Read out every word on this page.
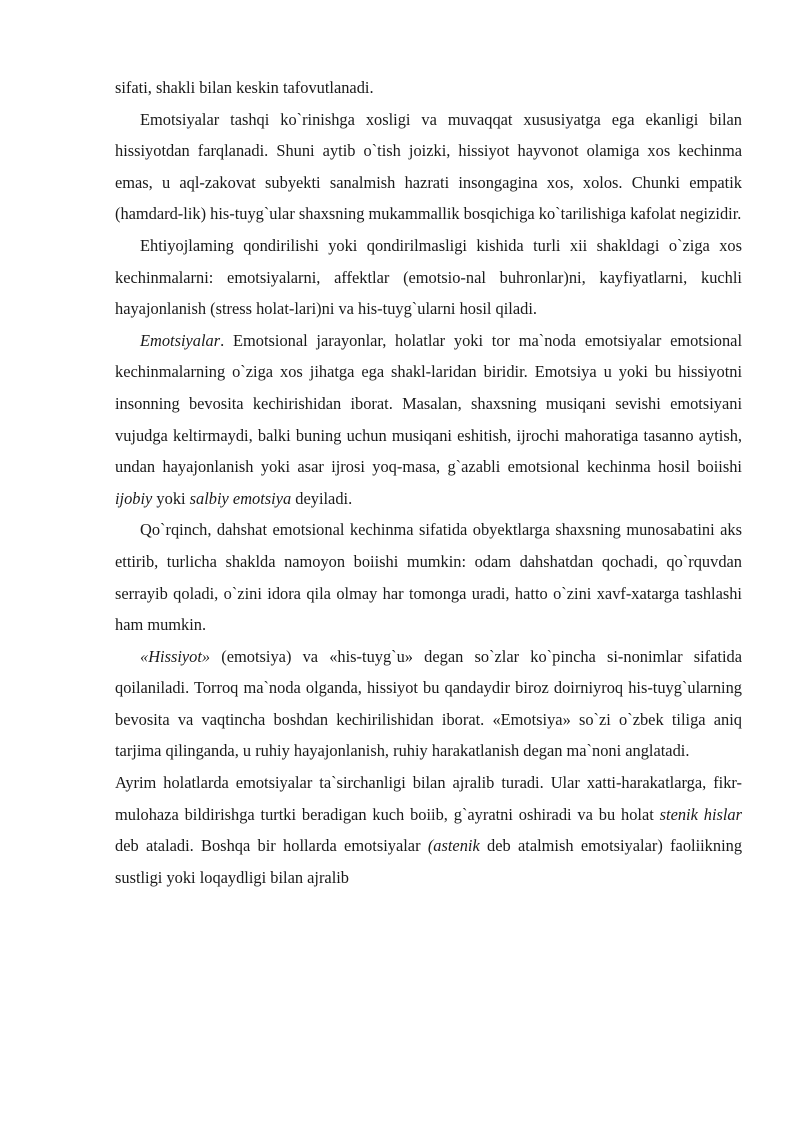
sifati, shakli bilan keskin tafovutlanadi.

Emotsiyalar tashqi ko`rinishga xosligi va muvaqqat xususiyatga ega ekanligi bilan hissiyotdan farqlanadi. Shuni aytib o`tish joizki, hissiyot hayvonot olamiga xos kechinma emas, u aql-zakovat subyekti sanalmish hazrati insongagina xos, xolos. Chunki empatik (hamdard-lik) his-tuyg`ular shaxsning mukammallik bosqichiga ko`tarilishiga kafolat negizidir.

Ehtiyojlaming qondirilishi yoki qondirilmasligi kishida turli xii shakldagi o`ziga xos kechinmalarni: emotsiyalarni, affektlar (emotsio-nal buhronlar)ni, kayfiyatlarni, kuchli hayajonlanish (stress holat-lari)ni va his-tuyg`ularni hosil qiladi.

Emotsiyalar. Emotsional jarayonlar, holatlar yoki tor ma`noda emotsiyalar emotsional kechinmalarning o`ziga xos jihatga ega shakl-laridan biridir. Emotsiya u yoki bu hissiyotni insonning bevosita kechirishidan iborat. Masalan, shaxsning musiqani sevishi emotsiyani vujudga keltirmaydi, balki buning uchun musiqani eshitish, ijrochi mahoratiga tasanno aytish, undan hayajonlanish yoki asar ijrosi yoq-masa, g`azabli emotsional kechinma hosil boiishi ijobiy yoki salbiy emotsiya deyiladi.

Qo`rqinch, dahshat emotsional kechinma sifatida obyektlarga shaxsning munosabatini aks ettirib, turlicha shaklda namoyon boiishi mumkin: odam dahshatdan qochadi, qo`rquvdan serrayib qoladi, o`zini idora qila olmay har tomonga uradi, hatto o`zini xavf-xatarga tashlashi ham mumkin.

«Hissiyot» (emotsiya) va «his-tuyg`u» degan so`zlar ko`pincha si-nonimlar sifatida qoilaniladi. Torroq ma`noda olganda, hissiyot bu qandaydir biroz doirniyroq his-tuyg`ularning bevosita va vaqtincha boshdan kechirilishidan iborat. «Emotsiya» so`zi o`zbek tiliga aniq tarjima qilinganda, u ruhiy hayajonlanish, ruhiy harakatlanish degan ma`noni anglatadi.

Ayrim holatlarda emotsiyalar ta`sirchanligi bilan ajralib turadi. Ular xatti-harakatlarga, fikr-mulohaza bildirishga turtki beradigan kuch boiib, g`ayratni oshiradi va bu holat stenik hislar deb ataladi. Boshqa bir hollarda emotsiyalar (astenik deb atalmish emotsiyalar) faoliikning sustligi yoki loqaydligi bilan ajralib
